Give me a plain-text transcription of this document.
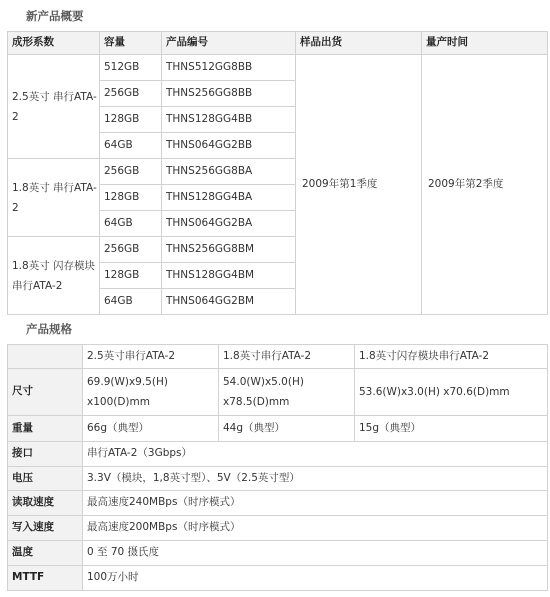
新产品概要
成形系数	容量	产品编号	样品出货	量产时间
2.5英寸 串行ATA-2	512GB	THNS512GG8BB	2009年第1季度	2009年第2季度
	256GB	THNS256GG8BB		
	128GB	THNS128GG4BB		
	64GB	THNS064GG2BB		
1.8英寸 串行ATA-2	256GB	THNS256GG8BA		
	128GB	THNS128GG4BA		
	64GB	THNS064GG2BA		
1.8英寸 闪存模块 串行ATA-2	256GB	THNS256GG8BM		
	128GB	THNS128GG4BM		
	64GB	THNS064GG2BM		
产品规格
	2.5英寸串行ATA-2	1.8英寸串行ATA-2	1.8英寸闪存模块串行ATA-2
尺寸	69.9(W)x9.5(H) x100(D)mm	54.0(W)x5.0(H) x78.5(D)mm	53.6(W)x3.0(H) x70.6(D)mm
重量	66g（典型）	44g（典型）	15g（典型）
接口	串行ATA-2（3Gbps）		
电压	3.3V（模块，1,8英寸型）、5V（2.5英寸型）		
读取速度	最高速度240MBps（时序模式）		
写入速度	最高速度200MBps（时序模式）		
温度	0 至 70 摄氏度		
MTTF	100万小时		
